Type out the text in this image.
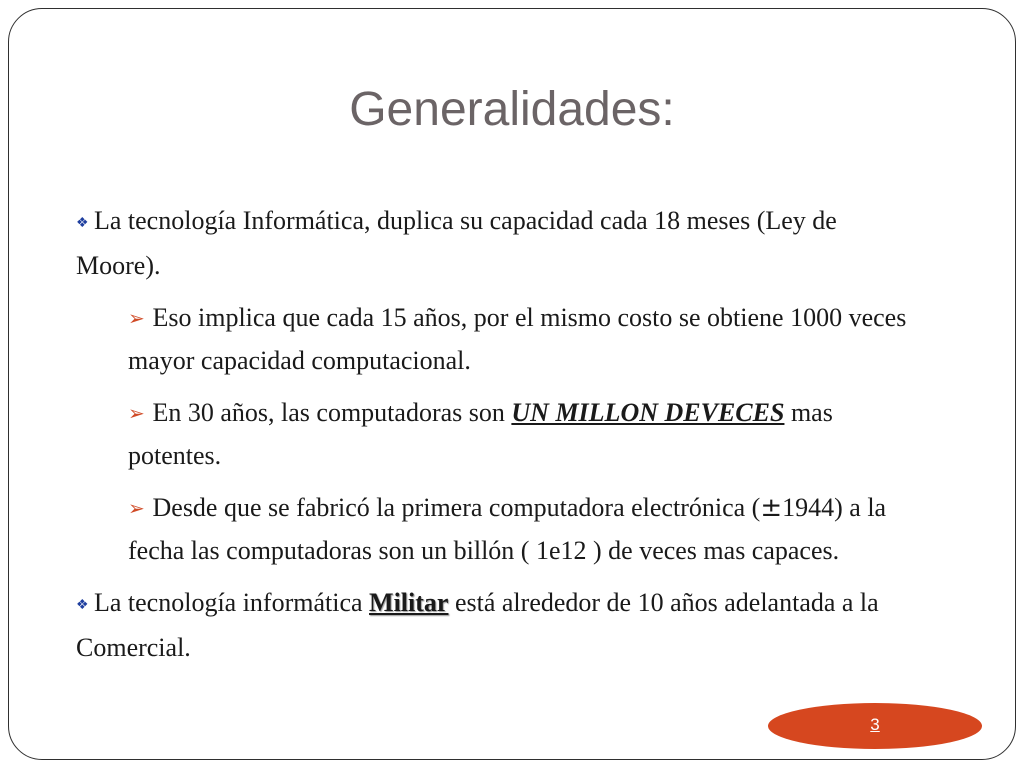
Generalidades:

❖ La tecnología Informática, duplica su capacidad cada 18 meses (Ley de Moore).

➢ Eso implica que cada 15 años, por el mismo costo se obtiene 1000 veces mayor capacidad computacional.

➢ En 30 años, las computadoras son UN MILLON DEVECES mas potentes.

➢ Desde que se fabricó la primera computadora electrónica (±1944) a la fecha las computadoras son un billón ( 1e12 ) de veces mas capaces.

❖ La tecnología informática Militar está alrededor de 10 años adelantada a la Comercial.

3
